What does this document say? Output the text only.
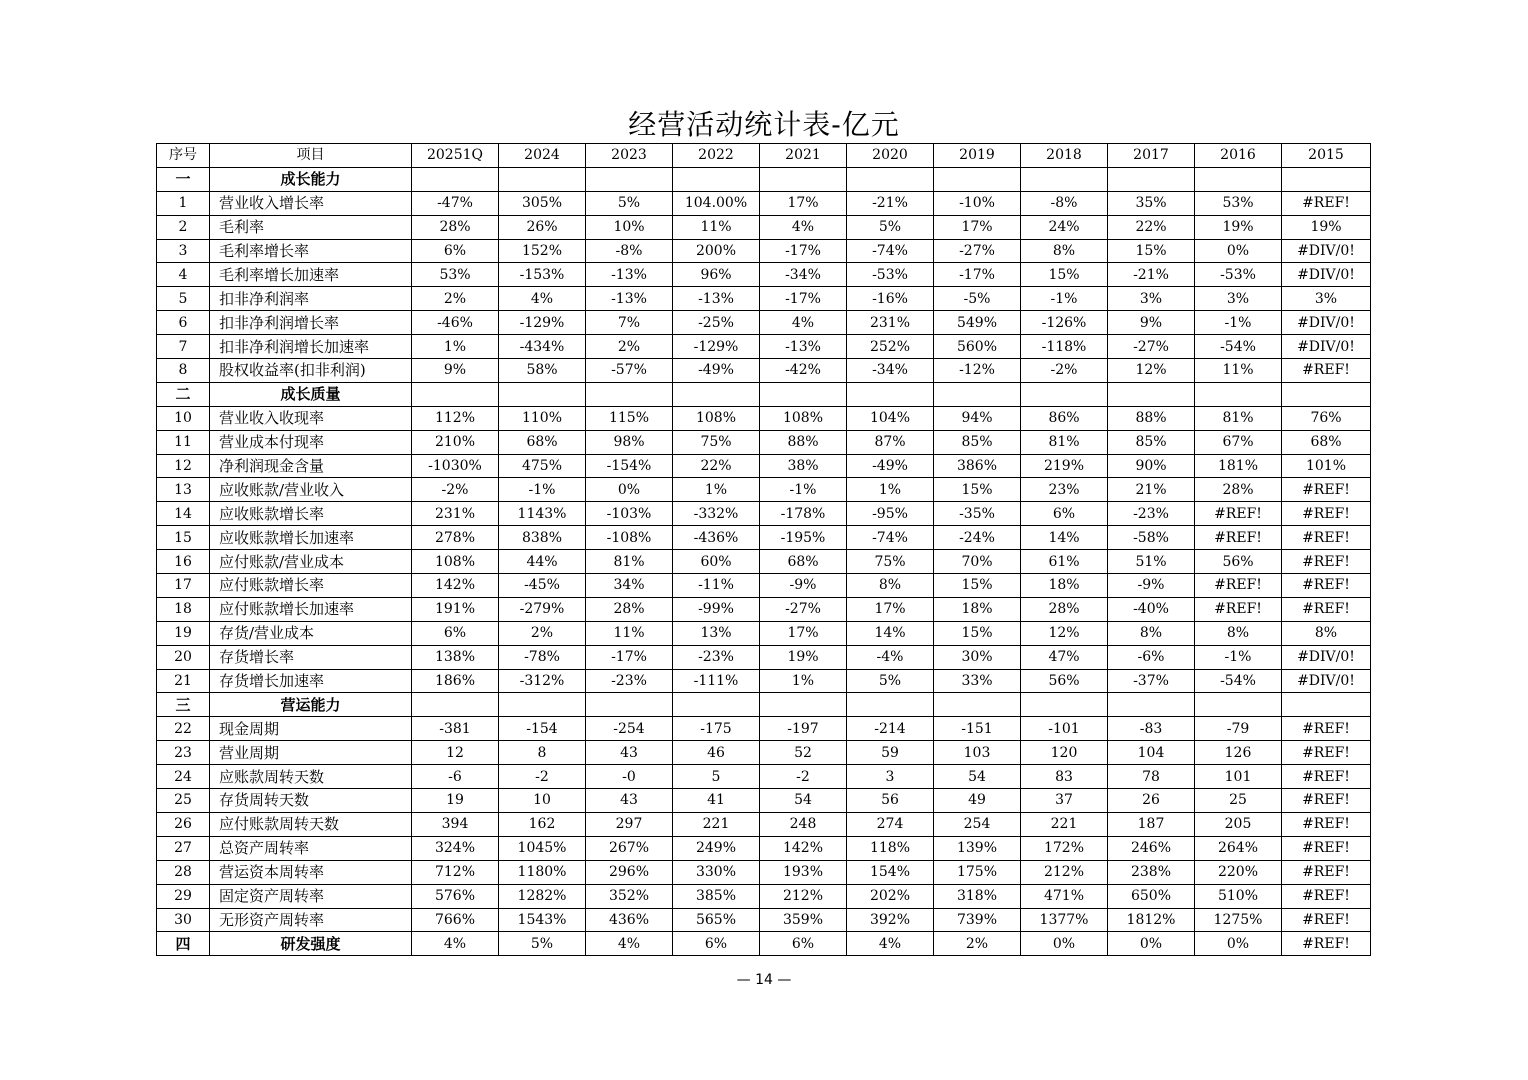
经营活动统计表-亿元
序号	项目	20251Q	2024	2023	2022	2021	2020	2019	2018	2017	2016	2015
一	成长能力											
1	营业收入增长率	-47%	305%	5%	104.00%	17%	-21%	-10%	-8%	35%	53%	#REF!
2	毛利率	28%	26%	10%	11%	4%	5%	17%	24%	22%	19%	19%
3	毛利率增长率	6%	152%	-8%	200%	-17%	-74%	-27%	8%	15%	0%	#DIV/0!
4	毛利率增长加速率	53%	-153%	-13%	96%	-34%	-53%	-17%	15%	-21%	-53%	#DIV/0!
5	扣非净利润率	2%	4%	-13%	-13%	-17%	-16%	-5%	-1%	3%	3%	3%
6	扣非净利润增长率	-46%	-129%	7%	-25%	4%	231%	549%	-126%	9%	-1%	#DIV/0!
7	扣非净利润增长加速率	1%	-434%	2%	-129%	-13%	252%	560%	-118%	-27%	-54%	#DIV/0!
8	股权收益率(扣非利润)	9%	58%	-57%	-49%	-42%	-34%	-12%	-2%	12%	11%	#REF!
二	成长质量											
10	营业收入收现率	112%	110%	115%	108%	108%	104%	94%	86%	88%	81%	76%
11	营业成本付现率	210%	68%	98%	75%	88%	87%	85%	81%	85%	67%	68%
12	净利润现金含量	-1030%	475%	-154%	22%	38%	-49%	386%	219%	90%	181%	101%
13	应收账款/营业收入	-2%	-1%	0%	1%	-1%	1%	15%	23%	21%	28%	#REF!
14	应收账款增长率	231%	1143%	-103%	-332%	-178%	-95%	-35%	6%	-23%	#REF!	#REF!
15	应收账款增长加速率	278%	838%	-108%	-436%	-195%	-74%	-24%	14%	-58%	#REF!	#REF!
16	应付账款/营业成本	108%	44%	81%	60%	68%	75%	70%	61%	51%	56%	#REF!
17	应付账款增长率	142%	-45%	34%	-11%	-9%	8%	15%	18%	-9%	#REF!	#REF!
18	应付账款增长加速率	191%	-279%	28%	-99%	-27%	17%	18%	28%	-40%	#REF!	#REF!
19	存货/营业成本	6%	2%	11%	13%	17%	14%	15%	12%	8%	8%	8%
20	存货增长率	138%	-78%	-17%	-23%	19%	-4%	30%	47%	-6%	-1%	#DIV/0!
21	存货增长加速率	186%	-312%	-23%	-111%	1%	5%	33%	56%	-37%	-54%	#DIV/0!
三	营运能力											
22	现金周期	-381	-154	-254	-175	-197	-214	-151	-101	-83	-79	#REF!
23	营业周期	12	8	43	46	52	59	103	120	104	126	#REF!
24	应账款周转天数	-6	-2	-0	5	-2	3	54	83	78	101	#REF!
25	存货周转天数	19	10	43	41	54	56	49	37	26	25	#REF!
26	应付账款周转天数	394	162	297	221	248	274	254	221	187	205	#REF!
27	总资产周转率	324%	1045%	267%	249%	142%	118%	139%	172%	246%	264%	#REF!
28	营运资本周转率	712%	1180%	296%	330%	193%	154%	175%	212%	238%	220%	#REF!
29	固定资产周转率	576%	1282%	352%	385%	212%	202%	318%	471%	650%	510%	#REF!
30	无形资产周转率	766%	1543%	436%	565%	359%	392%	739%	1377%	1812%	1275%	#REF!
四	研发强度	4%	5%	4%	6%	6%	4%	2%	0%	0%	0%	#REF!
— 14 —
